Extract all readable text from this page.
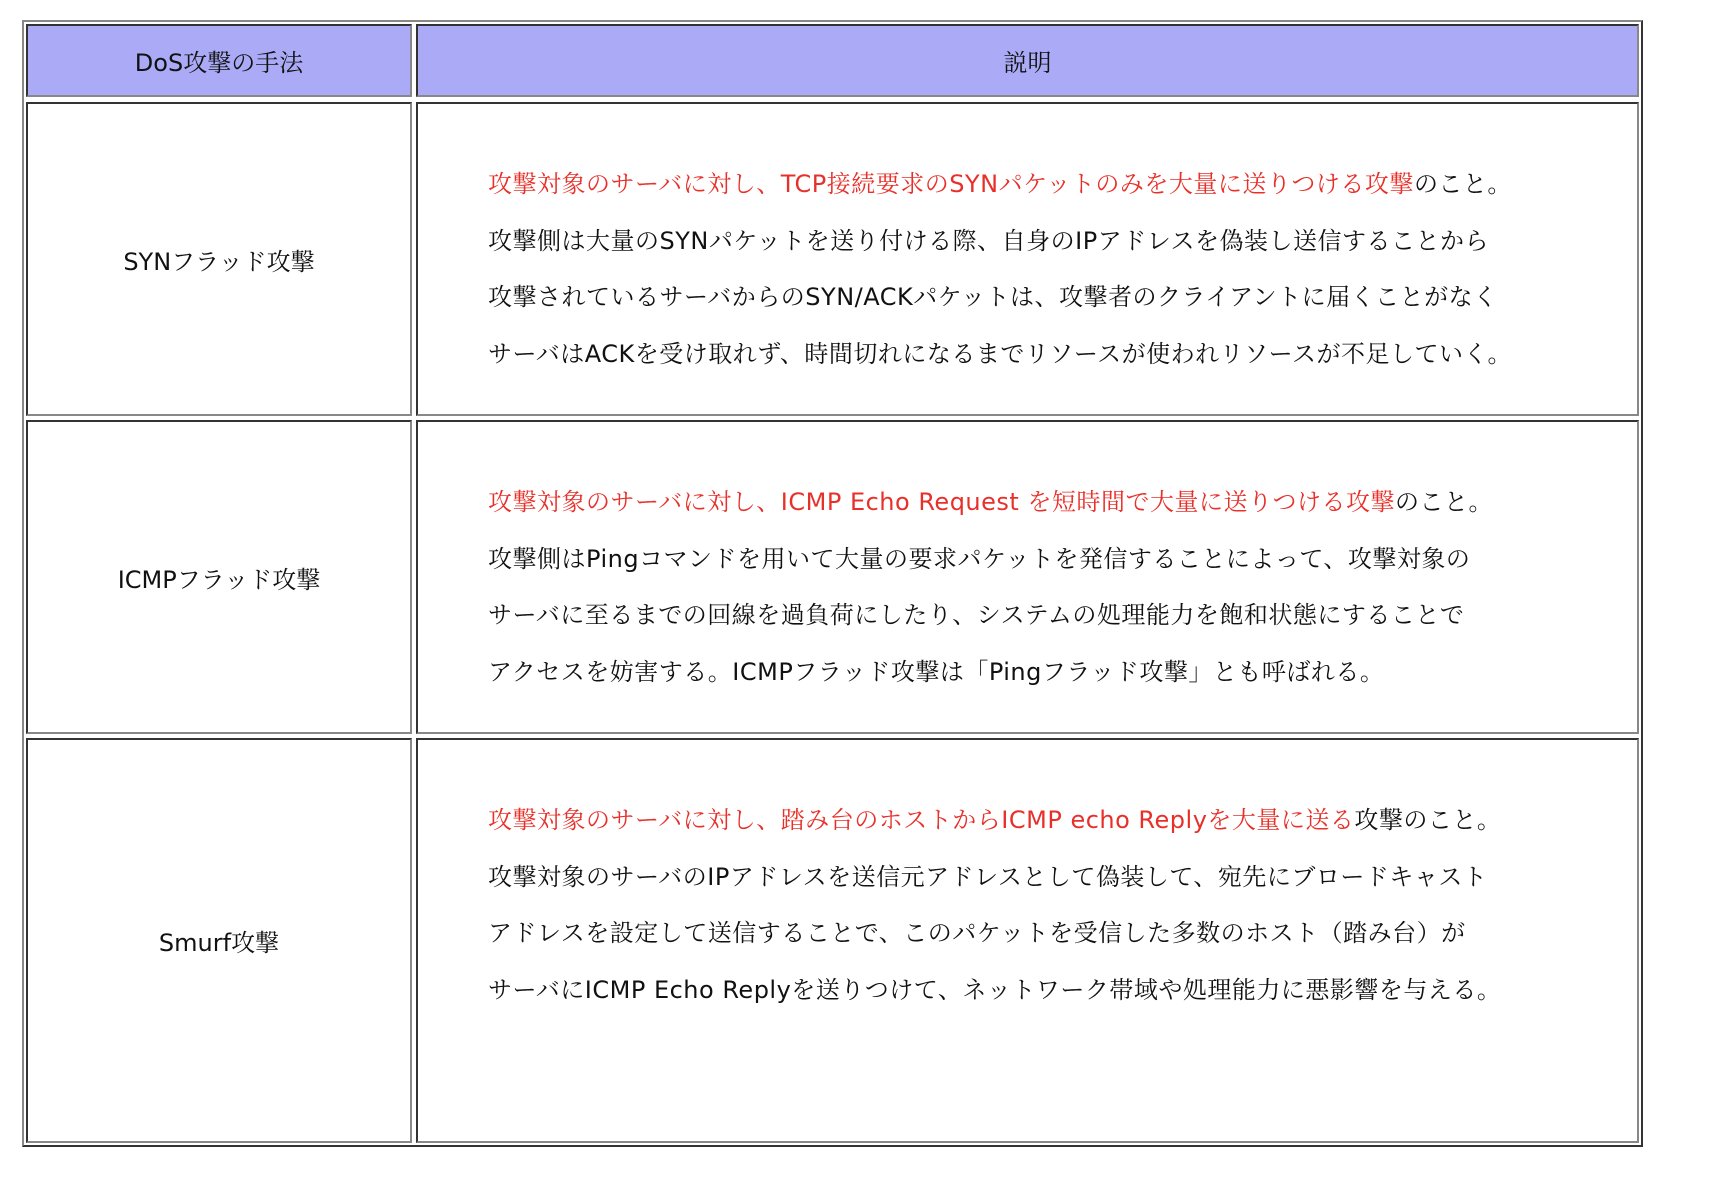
DoS攻撃の手法	説明
SYNフラッド攻撃
攻撃対象のサーバに対し、TCP接続要求のSYNパケットのみを大量に送りつける攻撃のこと。
攻撃側は大量のSYNパケットを送り付ける際、自身のIPアドレスを偽装し送信することから
攻撃されているサーバからのSYN/ACKパケットは、攻撃者のクライアントに届くことがなく
サーバはACKを受け取れず、時間切れになるまでリソースが使われリソースが不足していく。
ICMPフラッド攻撃
攻撃対象のサーバに対し、ICMP Echo Request を短時間で大量に送りつける攻撃のこと。
攻撃側はPingコマンドを用いて大量の要求パケットを発信することによって、攻撃対象の
サーバに至るまでの回線を過負荷にしたり、システムの処理能力を飽和状態にすることで
アクセスを妨害する。ICMPフラッド攻撃は「Pingフラッド攻撃」とも呼ばれる。
Smurf攻撃
攻撃対象のサーバに対し、踏み台のホストからICMP echo Replyを大量に送る攻撃のこと。
攻撃対象のサーバのIPアドレスを送信元アドレスとして偽装して、宛先にブロードキャスト
アドレスを設定して送信することで、このパケットを受信した多数のホスト（踏み台）が
サーバにICMP Echo Replyを送りつけて、ネットワーク帯域や処理能力に悪影響を与える。
